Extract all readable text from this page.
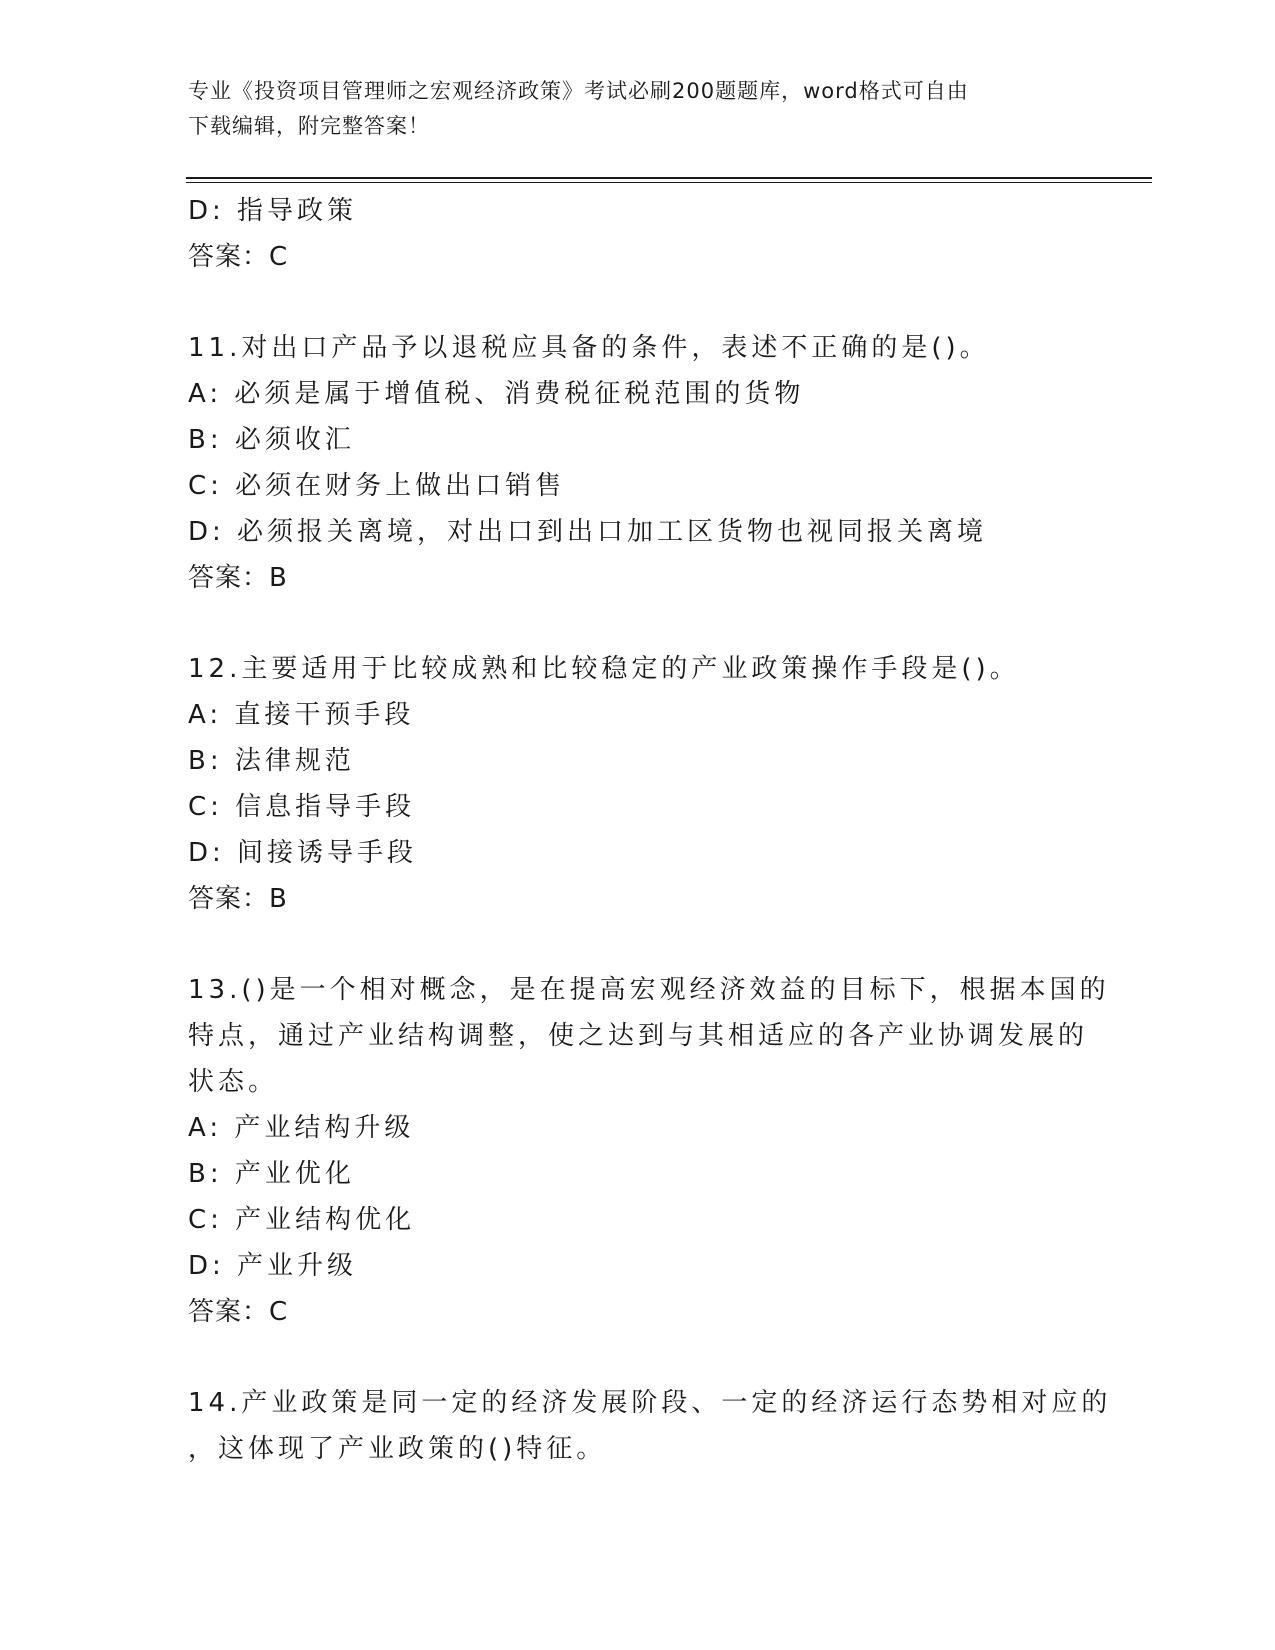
专业《投资项目管理师之宏观经济政策》考试必刷200题题库，word格式可自由
下载编辑，附完整答案！
D: 指导政策
答案：C
11.对出口产品予以退税应具备的条件，表述不正确的是()。
A: 必须是属于增值税、消费税征税范围的货物
B: 必须收汇
C: 必须在财务上做出口销售
D: 必须报关离境，对出口到出口加工区货物也视同报关离境
答案：B
12.主要适用于比较成熟和比较稳定的产业政策操作手段是()。
A: 直接干预手段
B: 法律规范
C: 信息指导手段
D: 间接诱导手段
答案：B
13.()是一个相对概念，是在提高宏观经济效益的目标下，根据本国的
特点，通过产业结构调整，使之达到与其相适应的各产业协调发展的
状态。
A: 产业结构升级
B: 产业优化
C: 产业结构优化
D: 产业升级
答案：C
14.产业政策是同一定的经济发展阶段、一定的经济运行态势相对应的
，这体现了产业政策的()特征。
